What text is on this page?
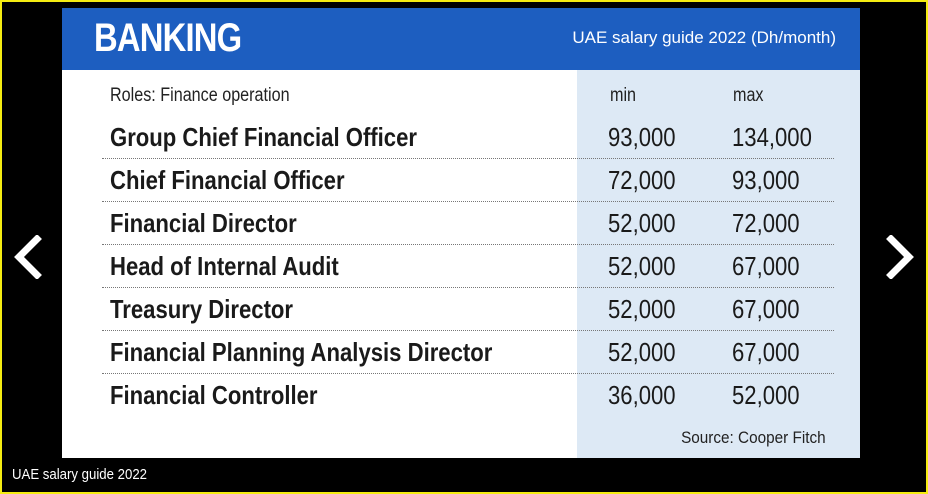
BANKING	UAE salary guide 2022 (Dh/month)
Roles: Finance operation	min	max
Group Chief Financial Officer	93,000 134,000
Chief Financial Officer	72,000 93,000
Financial Director	52,000 72,000
Head of Internal Audit	52,000 67,000
Treasury Director	52,000 67,000
Financial Planning Analysis Director	52,000 67,000
Financial Controller	36,000 52,000
Source: Cooper Fitch
UAE salary guide 2022
